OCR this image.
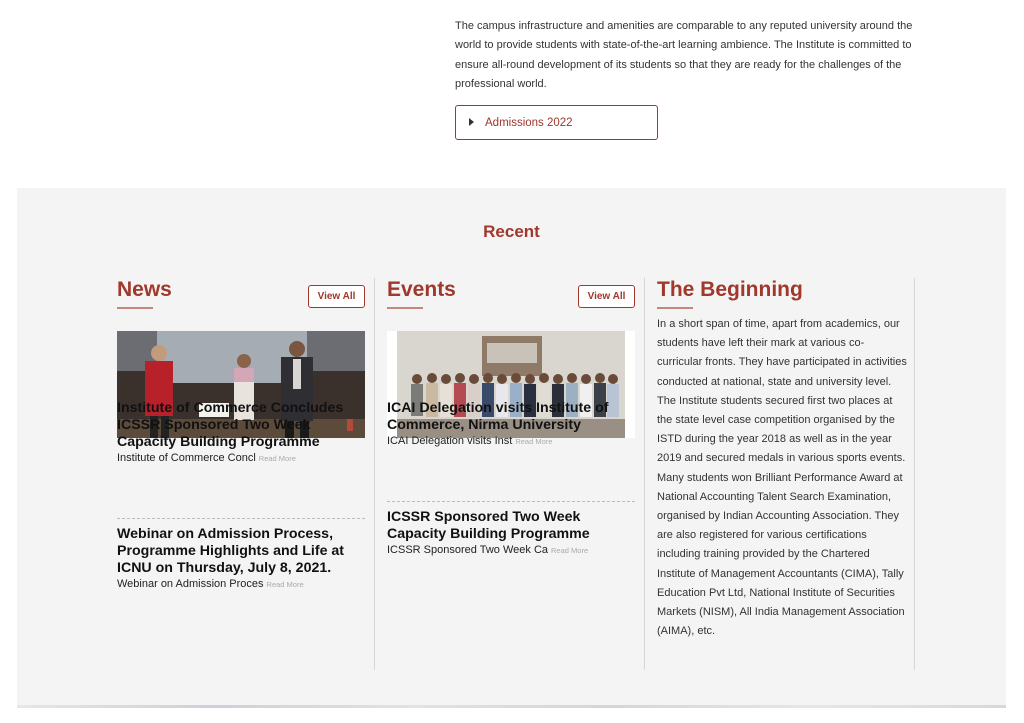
The campus infrastructure and amenities are comparable to any reputed university around the world to provide students with state-of-the-art learning ambience. The Institute is committed to ensure all-round development of its students so that they are ready for the challenges of the professional world.

Admissions 2022
Recent
News	View All
Institute of Commerce Concludes ICSSR Sponsored Two Week Capacity Building Programme
Institute of Commerce Concl Read More
Webinar on Admission Process, Programme Highlights and Life at ICNU on Thursday, July 8, 2021.
Webinar on Admission Proces Read More
Events	View All
ICAI Delegation visits Institute of Commerce, Nirma University
ICAI Delegation visits Inst Read More
ICSSR Sponsored Two Week Capacity Building Programme
ICSSR Sponsored Two Week Ca Read More
The Beginning
In a short span of time, apart from academics, our students have left their mark at various co-curricular fronts. They have participated in activities conducted at national, state and university level. The Institute students secured first two places at the state level case competition organised by the ISTD during the year 2018 as well as in the year 2019 and secured medals in various sports events. Many students won Brilliant Performance Award at National Accounting Talent Search Examination, organised by Indian Accounting Association. They are also registered for various certifications including training provided by the Chartered Institute of Management Accountants (CIMA), Tally Education Pvt Ltd, National Institute of Securities Markets (NISM), All India Management Association (AIMA), etc.
